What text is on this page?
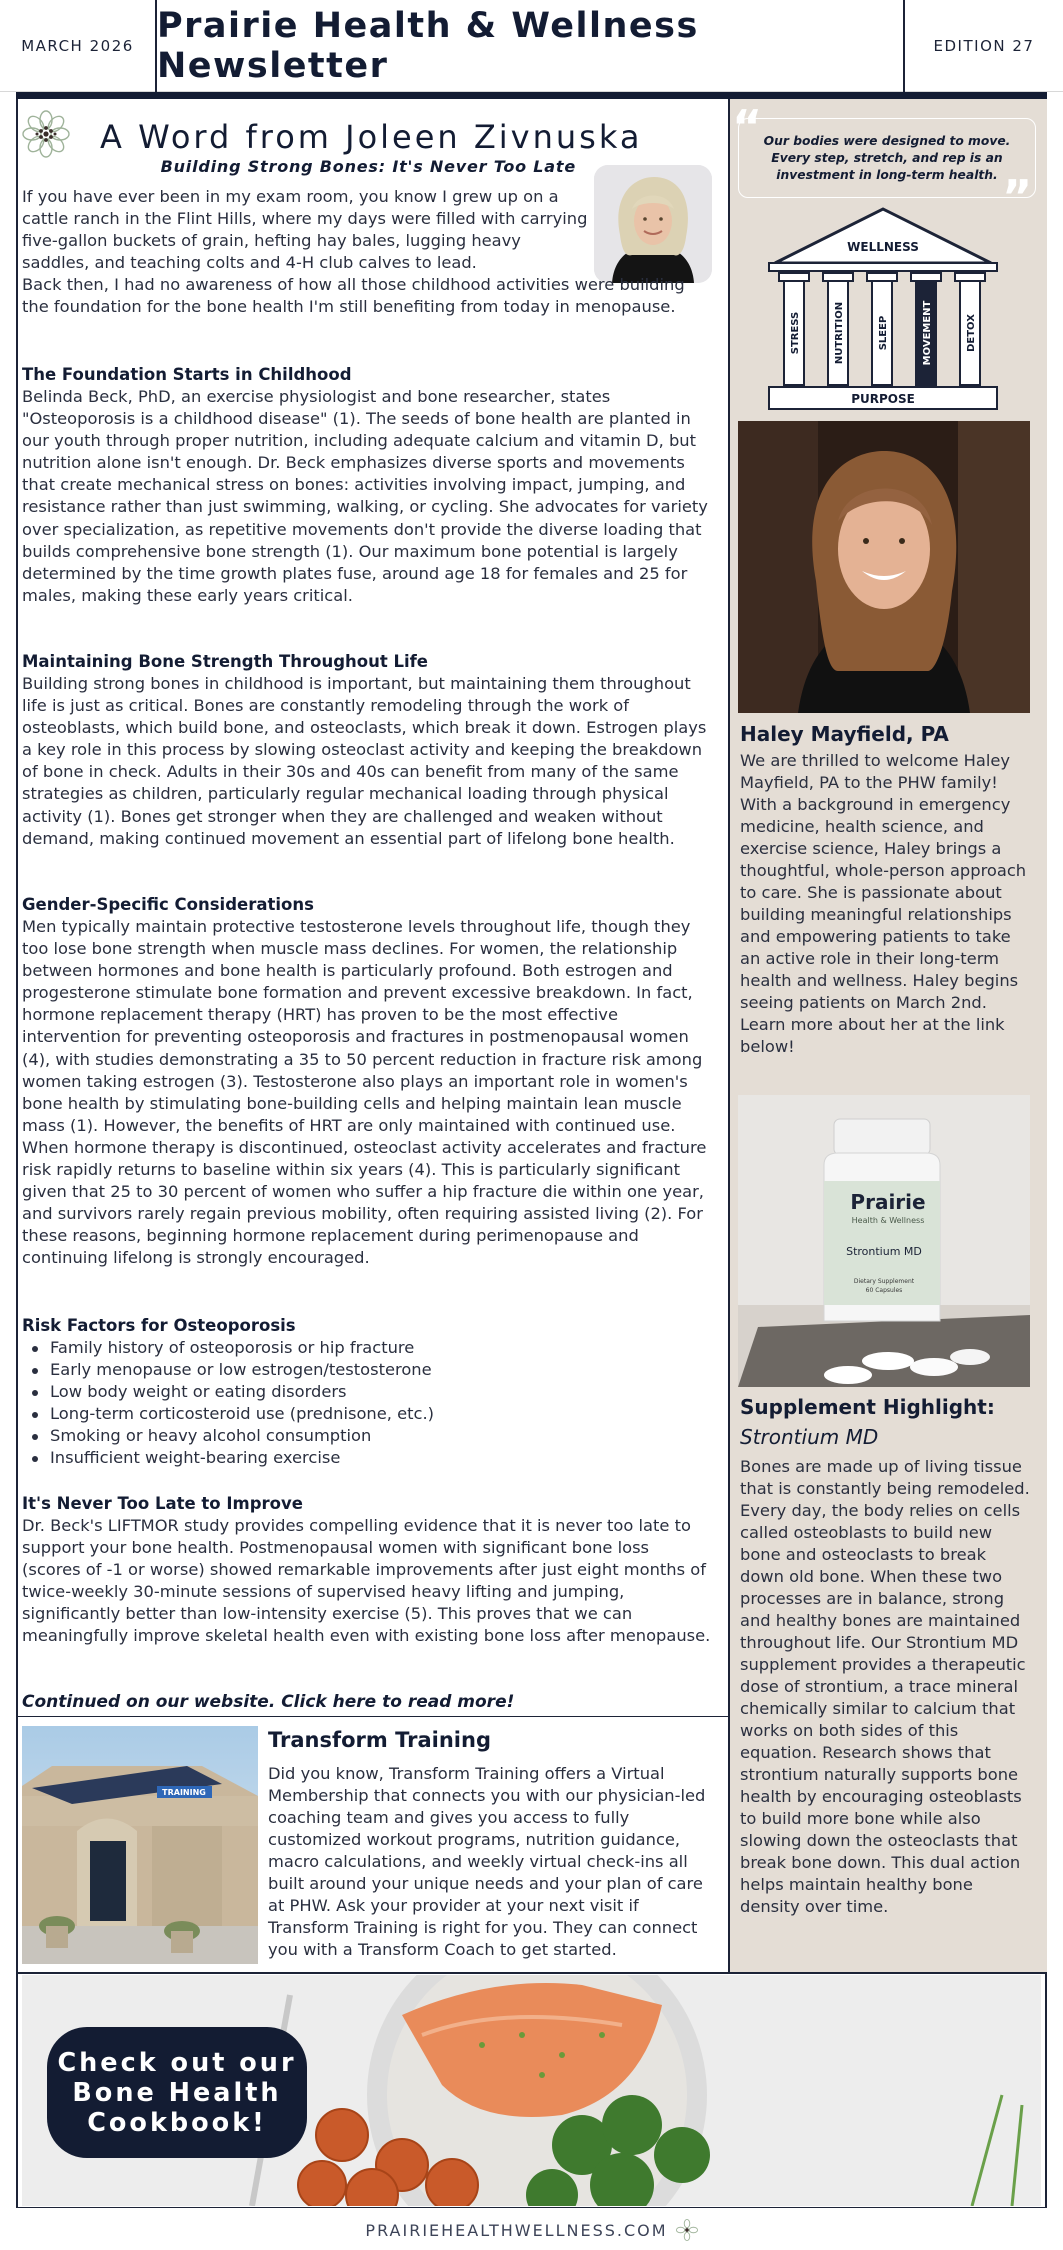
MARCH 2026 Prairie Health & Wellness Newsletter	EDITION 27
A Word from Joleen Zivnuska
Building Strong Bones: It's Never Too Late
If you have ever been in my exam room, you know I grew up on a cattle ranch in the Flint Hills, where my days were filled with carrying five-gallon buckets of grain, hefting hay bales, lugging heavy saddles, and teaching colts and 4-H club calves to lead.
Back then, I had no awareness of how all those childhood activities were building the foundation for the bone health I'm still benefiting from today in menopause.
The Foundation Starts in Childhood
Belinda Beck, PhD, an exercise physiologist and bone researcher, states "Osteoporosis is a childhood disease" (1). The seeds of bone health are planted in our youth through proper nutrition, including adequate calcium and vitamin D, but nutrition alone isn't enough. Dr. Beck emphasizes diverse sports and movements that create mechanical stress on bones: activities involving impact, jumping, and resistance rather than just swimming, walking, or cycling. She advocates for variety over specialization, as repetitive movements don't provide the diverse loading that builds comprehensive bone strength (1). Our maximum bone potential is largely determined by the time growth plates fuse, around age 18 for females and 25 for males, making these early years critical.
Maintaining Bone Strength Throughout Life
Building strong bones in childhood is important, but maintaining them throughout life is just as critical. Bones are constantly remodeling through the work of osteoblasts, which build bone, and osteoclasts, which break it down. Estrogen plays a key role in this process by slowing osteoclast activity and keeping the breakdown of bone in check. Adults in their 30s and 40s can benefit from many of the same strategies as children, particularly regular mechanical loading through physical activity (1). Bones get stronger when they are challenged and weaken without demand, making continued movement an essential part of lifelong bone health.
Gender-Specific Considerations
Men typically maintain protective testosterone levels throughout life, though they too lose bone strength when muscle mass declines. For women, the relationship between hormones and bone health is particularly profound. Both estrogen and progesterone stimulate bone formation and prevent excessive breakdown. In fact, hormone replacement therapy (HRT) has proven to be the most effective intervention for preventing osteoporosis and fractures in postmenopausal women (4), with studies demonstrating a 35 to 50 percent reduction in fracture risk among women taking estrogen (3). Testosterone also plays an important role in women's bone health by stimulating bone-building cells and helping maintain lean muscle mass (1). However, the benefits of HRT are only maintained with continued use. When hormone therapy is discontinued, osteoclast activity accelerates and fracture risk rapidly returns to baseline within six years (4). This is particularly significant given that 25 to 30 percent of women who suffer a hip fracture die within one year, and survivors rarely regain previous mobility, often requiring assisted living (2). For these reasons, beginning hormone replacement during perimenopause and continuing lifelong is strongly encouraged.
Risk Factors for Osteoporosis
Family history of osteoporosis or hip fracture
Early menopause or low estrogen/testosterone
Low body weight or eating disorders
Long-term corticosteroid use (prednisone, etc.)
Smoking or heavy alcohol consumption
Insufficient weight-bearing exercise
It's Never Too Late to Improve
Dr. Beck's LIFTMOR study provides compelling evidence that it is never too late to support your bone health. Postmenopausal women with significant bone loss (scores of -1 or worse) showed remarkable improvements after just eight months of twice-weekly 30-minute sessions of supervised heavy lifting and jumping, significantly better than low-intensity exercise (5). This proves that we can meaningfully improve skeletal health even with existing bone loss after menopause.
Continued on our website. Click here to read more!
TRAINING
Transform Training
Did you know, Transform Training offers a Virtual Membership that connects you with our physician-led coaching team and gives you access to fully customized workout programs, nutrition guidance, macro calculations, and weekly virtual check-ins all built around your unique needs and your plan of care at PHW. Ask your provider at your next visit if Transform Training is right for you. They can connect you with a Transform Coach to get started.
“ Our bodies were designed to move. Every step, stretch, and rep is an investment in long-term health. ”
WELLNESS
STRESS	NUTRITION	SLEEP	MOVEMENT	DETOX
PURPOSE
Haley Mayfield, PA
We are thrilled to welcome Haley Mayfield, PA to the PHW family! With a background in emergency medicine, health science, and exercise science, Haley brings a thoughtful, whole-person approach to care. She is passionate about building meaningful relationships and empowering patients to take an active role in their long-term health and wellness. Haley begins seeing patients on March 2nd. Learn more about her at the link below!
Prairie
Health & Wellness
Strontium MD
Dietary Supplement
60 Capsules
Supplement Highlight:
Strontium MD
Bones are made up of living tissue that is constantly being remodeled. Every day, the body relies on cells called osteoblasts to build new bone and osteoclasts to break down old bone. When these two processes are in balance, strong and healthy bones are maintained throughout life. Our Strontium MD supplement provides a therapeutic dose of strontium, a trace mineral chemically similar to calcium that works on both sides of this equation. Research shows that strontium naturally supports bone health by encouraging osteoblasts to build more bone while also slowing down the osteoclasts that break bone down. This dual action helps maintain healthy bone density over time.
Check out our
Bone Health
Cookbook!
PRAIRIEHEALTHWELLNESS.COM
